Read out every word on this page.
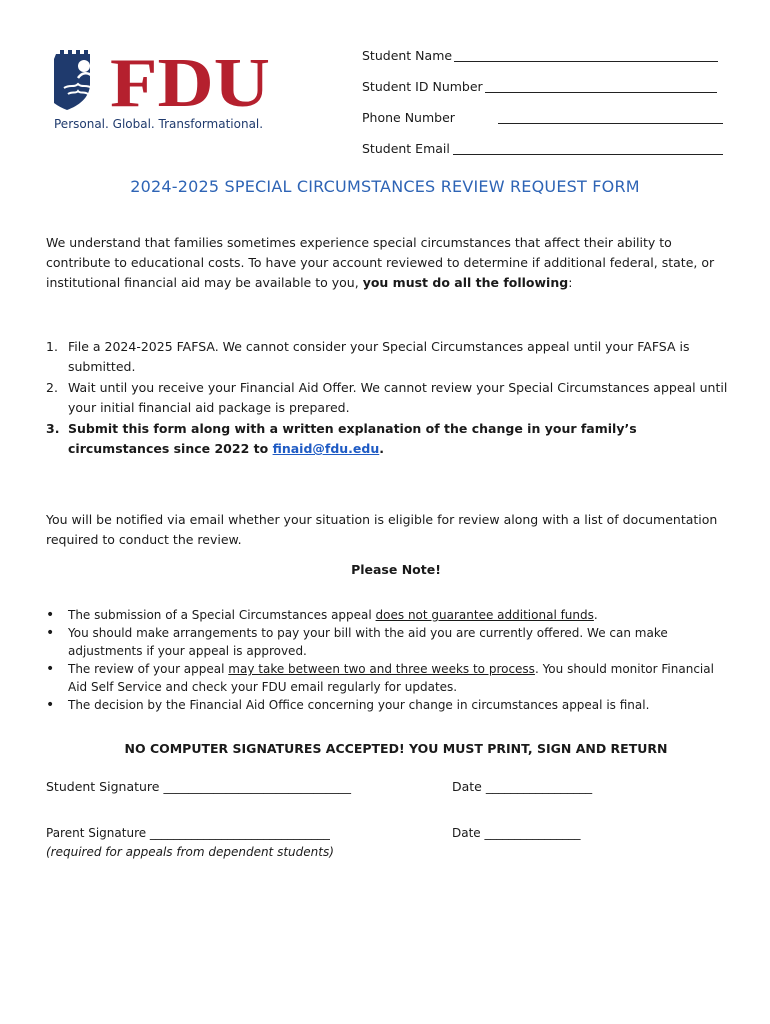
FDU
Personal. Global. Transformational.
Student Name
Student ID Number
Phone Number
Student Email
2024-2025 SPECIAL CIRCUMSTANCES REVIEW REQUEST FORM
We understand that families sometimes experience special circumstances that affect their ability to contribute to educational costs. To have your account reviewed to determine if additional federal, state, or institutional financial aid may be available to you, you must do all the following:
1. File a 2024-2025 FAFSA. We cannot consider your Special Circumstances appeal until your FAFSA is submitted.
2. Wait until you receive your Financial Aid Offer. We cannot review your Special Circumstances appeal until your initial financial aid package is prepared.
3. Submit this form along with a written explanation of the change in your family’s circumstances since 2022 to finaid@fdu.edu.
You will be notified via email whether your situation is eligible for review along with a list of documentation required to conduct the review.
Please Note!
• The submission of a Special Circumstances appeal does not guarantee additional funds.
• You should make arrangements to pay your bill with the aid you are currently offered. We can make adjustments if your appeal is approved.
• The review of your appeal may take between two and three weeks to process. You should monitor Financial Aid Self Service and check your FDU email regularly for updates.
• The decision by the Financial Aid Office concerning your change in circumstances appeal is final.
NO COMPUTER SIGNATURES ACCEPTED! YOU MUST PRINT, SIGN AND RETURN
Student Signature ______________________________	Date _________________
Parent Signature ______________________________	Date ________________
(required for appeals from dependent students)
